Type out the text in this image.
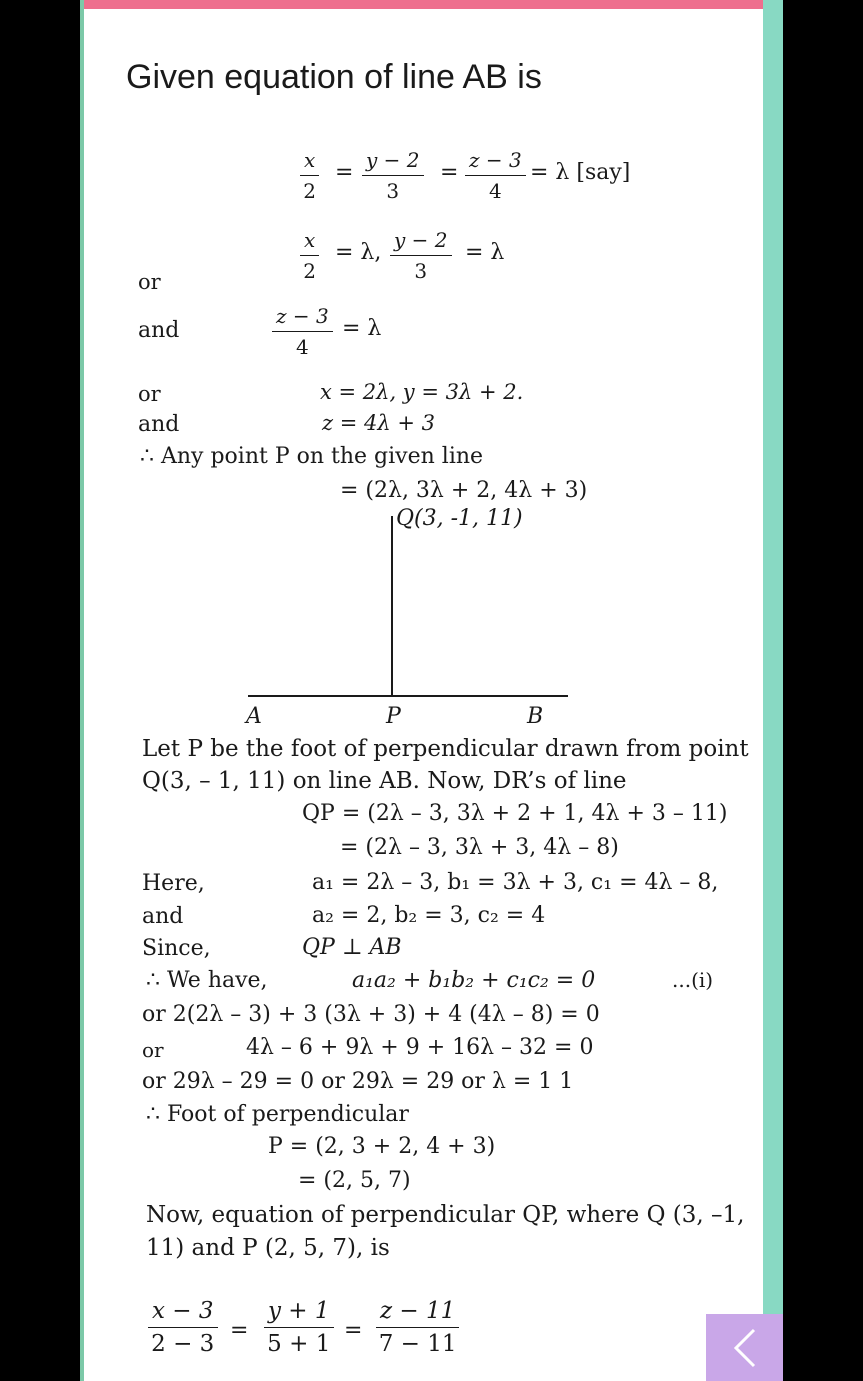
Given equation of line AB is
$\frac{x}{2} = \frac{y - 2}{3} = \frac{z - 3}{4} = \lambda$ [say]
$\frac{x}{2} = \lambda$, $\frac{y - 2}{3} = \lambda$
or
and	$\frac{z - 3}{4} = \lambda$
or	x = 2λ, y = 3λ + 2.
and	z = 4λ + 3
∴ Any point P on the given line
= (2λ, 3λ + 2, 4λ + 3)
Q(3, -1, 11)
A	P	B
Let P be the foot of perpendicular drawn from point
Q(3, – 1, 11) on line AB. Now, DR’s of line
QP = (2λ – 3, 3λ + 2 + 1, 4λ + 3 – 11)
= (2λ – 3, 3λ + 3, 4λ – 8)
Here,	a₁ = 2λ – 3, b₁ = 3λ + 3, c₁ = 4λ – 8,
and	a₂ = 2, b₂ = 3, c₂ = 4
Since,	QP ⊥ AB
∴ We have,	a₁a₂ + b₁b₂ + c₁c₂ = 0	...(i)
or 2(2λ – 3) + 3 (3λ + 3) + 4 (4λ – 8) = 0
or	4λ – 6 + 9λ + 9 + 16λ – 32 = 0
or 29λ – 29 = 0 or 29λ = 29 or λ = 1 1
∴ Foot of perpendicular
P = (2, 3 + 2, 4 + 3)
= (2, 5, 7)
Now, equation of perpendicular QP, where Q (3, –1,
11) and P (2, 5, 7), is
$\frac{x - 3}{2 - 3} = \frac{y + 1}{5 + 1} = \frac{z - 11}{7 - 11}$
